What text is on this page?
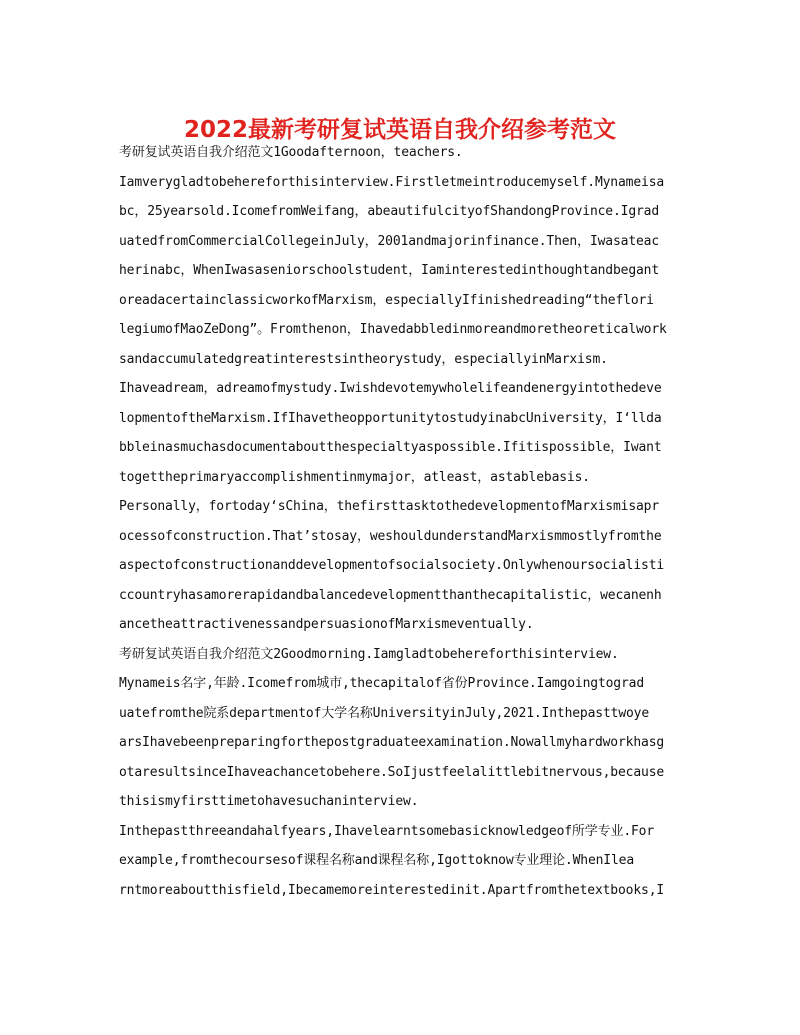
2022最新考研复试英语自我介绍参考范文
考研复试英语自我介绍范文1Goodafternoon，teachers.
Iamverygladtobehereforthisinterview.Firstletmeintroducemyself.Mynameisa
bc，25yearsold.IcomefromWeifang，abeautifulcityofShandongProvince.Igrad
uatedfromCommercialCollegeinJuly，2001andmajorinfinance.Then，Iwasateac
herinabc，WhenIwasaseniorschoolstudent，Iaminterestedinthoughtandbegant
oreadacertainclassicworkofMarxism，especiallyIfinishedreading“theflori
legiumofMaoZeDong”。Fromthenon，Ihavedabbledinmoreandmoretheoreticalwork
sandaccumulatedgreatinterestsintheorystudy，especiallyinMarxism.
Ihaveadream，adreamofmystudy.Iwishdevotemywholelifeandenergyintothedeve
lopmentoftheMarxism.IfIhavetheopportunitytostudyinabcUniversity，I‘llda
bbleinasmuchasdocumentaboutthespecialtyaspossible.Ifitispossible，Iwant
togettheprimaryaccomplishmentinmymajor，atleast，astablebasis.
Personally，fortoday‘sChina，thefirsttasktothedevelopmentofMarxismisapr
ocessofconstruction.That’stosay，weshouldunderstandMarxismmostlyfromthe
aspectofconstructionanddevelopmentofsocialsociety.Onlywhenoursocialisti
ccountryhasamorerapidandbalancedevelopmentthanthecapitalistic，wecanenh
ancetheattractivenessandpersuasionofMarxismeventually.
考研复试英语自我介绍范文2Goodmorning.Iamgladtobehereforthisinterview.
Mynameis名字,年龄.Icomefrom城市,thecapitalof省份Province.Iamgoingtograd
uatefromthe院系departmentof大学名称UniversityinJuly,2021.Inthepasttwoye
arsIhavebeenpreparingforthepostgraduateexamination.Nowallmyhardworkhasg
otaresultsinceIhaveachancetobehere.SoIjustfeelalittlebitnervous,because
thisismyfirsttimetohavesuchaninterview.
Inthepastthreeandahalfyears,Ihavelearntsomebasicknowledgeof所学专业.For
example,fromthecoursesof课程名称and课程名称,Igottoknow专业理论.WhenIlea
rntmoreaboutthisfield,Ibecamemoreinterestedinit.Apartfromthetextbooks,I
